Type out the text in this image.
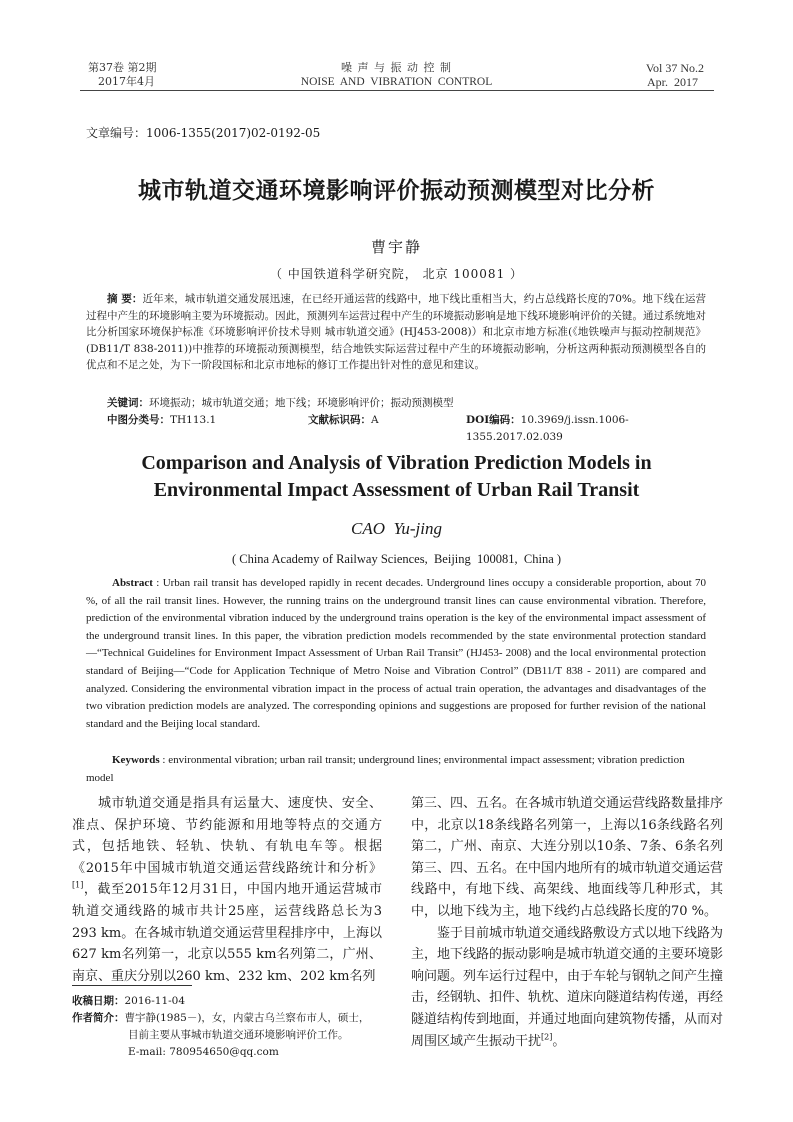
第37卷 第2期
2017年4月
噪 声 与 振 动 控 制
NOISE  AND  VIBRATION  CONTROL
Vol 37 No.2
Apr.  2017
文章编号：1006-1355(2017)02-0192-05
城市轨道交通环境影响评价振动预测模型对比分析
曹宇静
（ 中国铁道科学研究院， 北京 100081 ）
摘 要：近年来，城市轨道交通发展迅速，在已经开通运营的线路中，地下线比重相当大，约占总线路长度的70%。地下线在运营过程中产生的环境影响主要为环境振动。因此，预测列车运营过程中产生的环境振动影响是地下线环境影响评价的关键。通过系统地对比分析国家环境保护标准《环境影响评价技术导则 城市轨道交通》(HJ453-2008)）和北京市地方标准(《地铁噪声与振动控制规范》(DB11/T 838-2011))中推荐的环境振动预测模型，结合地铁实际运营过程中产生的环境振动影响，分析这两种振动预测模型各自的优点和不足之处，为下一阶段国标和北京市地标的修订工作提出针对性的意见和建议。
关键词：环境振动；城市轨道交通；地下线；环境影响评价；振动预测模型
中图分类号：TH113.1	文献标识码：A	DOI编码：10.3969/j.issn.1006-1355.2017.02.039
Comparison and Analysis of Vibration Prediction Models in
Environmental Impact Assessment of Urban Rail Transit
CAO  Yu-jing
( China Academy of Railway Sciences,  Beijing  100081,  China )
Abstract : Urban rail transit has developed rapidly in recent decades. Underground lines occupy a considerable proportion, about 70 %, of all the rail transit lines. However, the running trains on the underground transit lines can cause environmental vibration. Therefore, prediction of the environmental vibration induced by the underground trains operation is the key of the environmental impact assessment of the underground transit lines. In this paper, the vibration prediction models recommended by the state environmental protection standard—“Technical Guidelines for Environment Impact Assessment of Urban Rail Transit” (HJ453- 2008) and the local environmental protection standard of Beijing—“Code for Application Technique of Metro Noise and Vibration Control” (DB11/T 838 - 2011) are compared and analyzed. Considering the environmental vibration impact in the process of actual train operation, the advantages and disadvantages of the two vibration prediction models are analyzed. The corresponding opinions and suggestions are proposed for further revision of the national standard and the Beijing local standard.
Keywords : environmental vibration; urban rail transit; underground lines; environmental impact assessment; vibration prediction model

城市轨道交通是指具有运量大、速度快、安全、准点、保护环境、节约能源和用地等特点的交通方式，包括地铁、轻轨、快轨、有轨电车等。根据《2015年中国城市轨道交通运营线路统计和分析》[1]，截至2015年12月31日，中国内地开通运营城市轨道交通线路的城市共计25座，运营线路总长为3 293 km。在各城市轨道交通运营里程排序中，上海以627 km名列第一，北京以555 km名列第二，广州、南京、重庆分别以260 km、232 km、202 km名列

收稿日期：2016-11-04
作者简介：曹宇静(1985－)，女，内蒙古乌兰察布市人，硕士，
目前主要从事城市轨道交通环境影响评价工作。
E-mail: 780954650@qq.com

第三、四、五名。在各城市轨道交通运营线路数量排序中，北京以18条线路名列第一，上海以16条线路名列第二，广州、南京、大连分别以10条、7条、6条名列第三、四、五名。在中国内地所有的城市轨道交通运营线路中，有地下线、高架线、地面线等几种形式，其中，以地下线为主，地下线约占总线路长度的70 %。

鉴于目前城市轨道交通线路敷设方式以地下线路为主，地下线路的振动影响是城市轨道交通的主要环境影响问题。列车运行过程中，由于车轮与钢轨之间产生撞击，经钢轨、扣件、轨枕、道床向隧道结构传递，再经隧道结构传到地面，并通过地面向建筑物传播，从而对周围区域产生振动干扰[2]。
